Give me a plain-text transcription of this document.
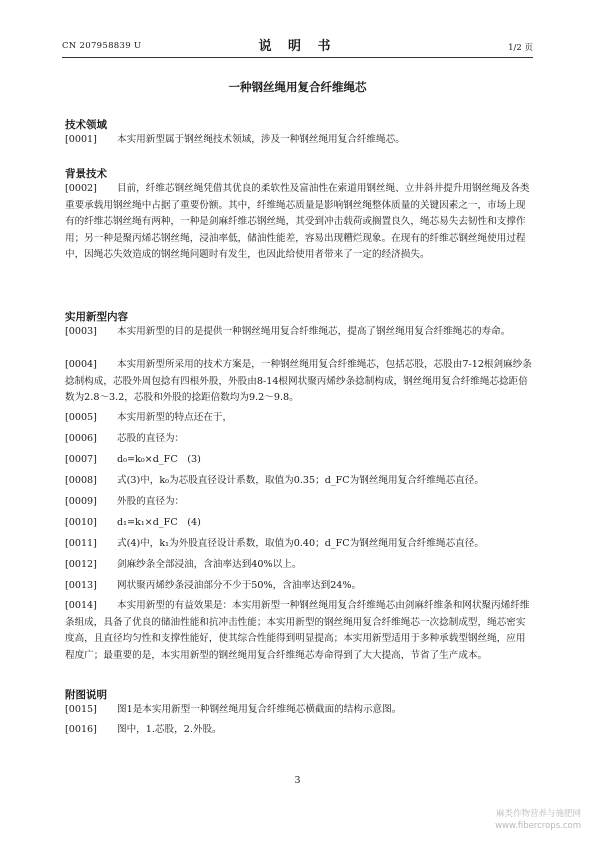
CN 207958839 U	说 明 书	1/2 页
一种钢丝绳用复合纤维绳芯
技术领域
[0001] 本实用新型属于钢丝绳技术领域，涉及一种钢丝绳用复合纤维绳芯。
背景技术
[0002] 目前，纤维芯钢丝绳凭借其优良的柔软性及富油性在索道用钢丝绳、立井斜井提升用钢丝绳及各类重要承载用钢丝绳中占据了重要份额。其中，纤维绳芯质量是影响钢丝绳整体质量的关键因素之一，市场上现有的纤维芯钢丝绳有两种，一种是剑麻纤维芯钢丝绳，其受到冲击载荷或搁置良久，绳芯易失去韧性和支撑作用；另一种是聚丙烯芯钢丝绳，浸油率低，储油性能差，容易出现糟烂现象。在现有的纤维芯钢丝绳使用过程中，因绳芯失效造成的钢丝绳问题时有发生，也因此给使用者带来了一定的经济损失。
实用新型内容
[0003] 本实用新型的目的是提供一种钢丝绳用复合纤维绳芯，提高了钢丝绳用复合纤维绳芯的寿命。
[0004] 本实用新型所采用的技术方案是，一种钢丝绳用复合纤维绳芯，包括芯股，芯股由7-12根剑麻纱条捻制构成，芯股外周包捻有四根外股，外股由8-14根网状聚丙烯纱条捻制构成，钢丝绳用复合纤维绳芯捻距倍数为2.8～3.2，芯股和外股的捻距倍数均为9.2～9.8。
[0005] 本实用新型的特点还在于，
[0006] 芯股的直径为：
[0007] d₀=k₀×d_FC　(3)
[0008] 式(3)中，k₀为芯股直径设计系数，取值为0.35；d_FC为钢丝绳用复合纤维绳芯直径。
[0009] 外股的直径为：
[0010] d₁=k₁×d_FC　(4)
[0011] 式(4)中，k₁为外股直径设计系数，取值为0.40；d_FC为钢丝绳用复合纤维绳芯直径。
[0012] 剑麻纱条全部浸油，含油率达到40%以上。
[0013] 网状聚丙烯纱条浸油部分不少于50%，含油率达到24%。
[0014] 本实用新型的有益效果是：本实用新型一种钢丝绳用复合纤维绳芯由剑麻纤维条和网状聚丙烯纤维条组成，具备了优良的储油性能和抗冲击性能；本实用新型的钢丝绳用复合纤维绳芯一次捻制成型，绳芯密实度高，且直径均匀性和支撑性能好，使其综合性能得到明显提高；本实用新型适用于多种承载型钢丝绳，应用程度广；最重要的是，本实用新型的钢丝绳用复合纤维绳芯寿命得到了大大提高，节省了生产成本。
附图说明
[0015] 图1是本实用新型一种钢丝绳用复合纤维绳芯横截面的结构示意图。
[0016] 图中，1.芯股，2.外股。
3
麻类作物营养与施肥网
www.fibercrops.com
